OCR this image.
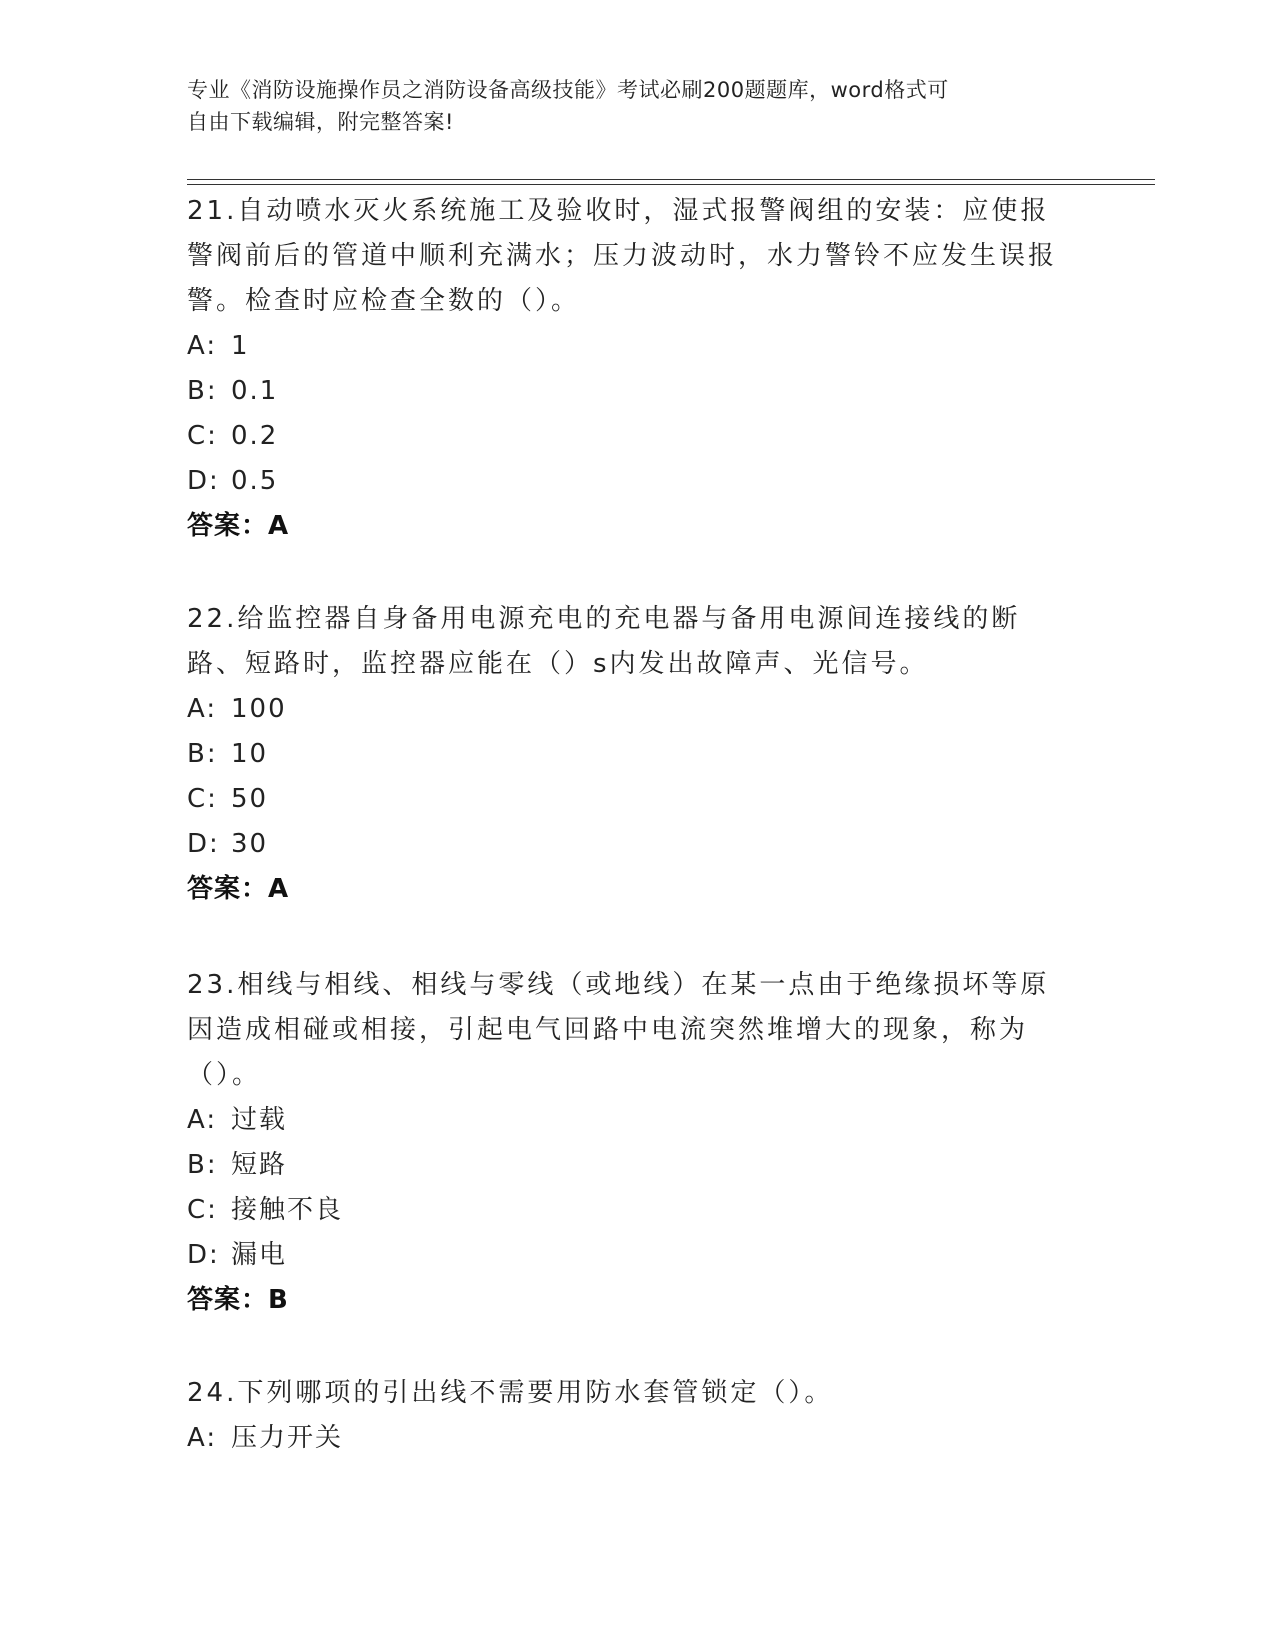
专业《消防设施操作员之消防设备高级技能》考试必刷200题题库，word格式可
自由下载编辑，附完整答案!

21.自动喷水灭火系统施工及验收时，湿式报警阀组的安装：应使报警阀前后的管道中顺利充满水；压力波动时，水力警铃不应发生误报警。检查时应检查全数的（）。

A: 1
B: 0.1
C: 0.2
D: 0.5
答案：A

22.给监控器自身备用电源充电的充电器与备用电源间连接线的断路、短路时，监控器应能在（）s内发出故障声、光信号。

A: 100
B: 10
C: 50
D: 30
答案：A

23.相线与相线、相线与零线（或地线）在某一点由于绝缘损坏等原因造成相碰或相接，引起电气回路中电流突然堆增大的现象，称为（）。

A: 过载
B: 短路
C: 接触不良
D: 漏电
答案：B

24.下列哪项的引出线不需要用防水套管锁定（）。

A: 压力开关
